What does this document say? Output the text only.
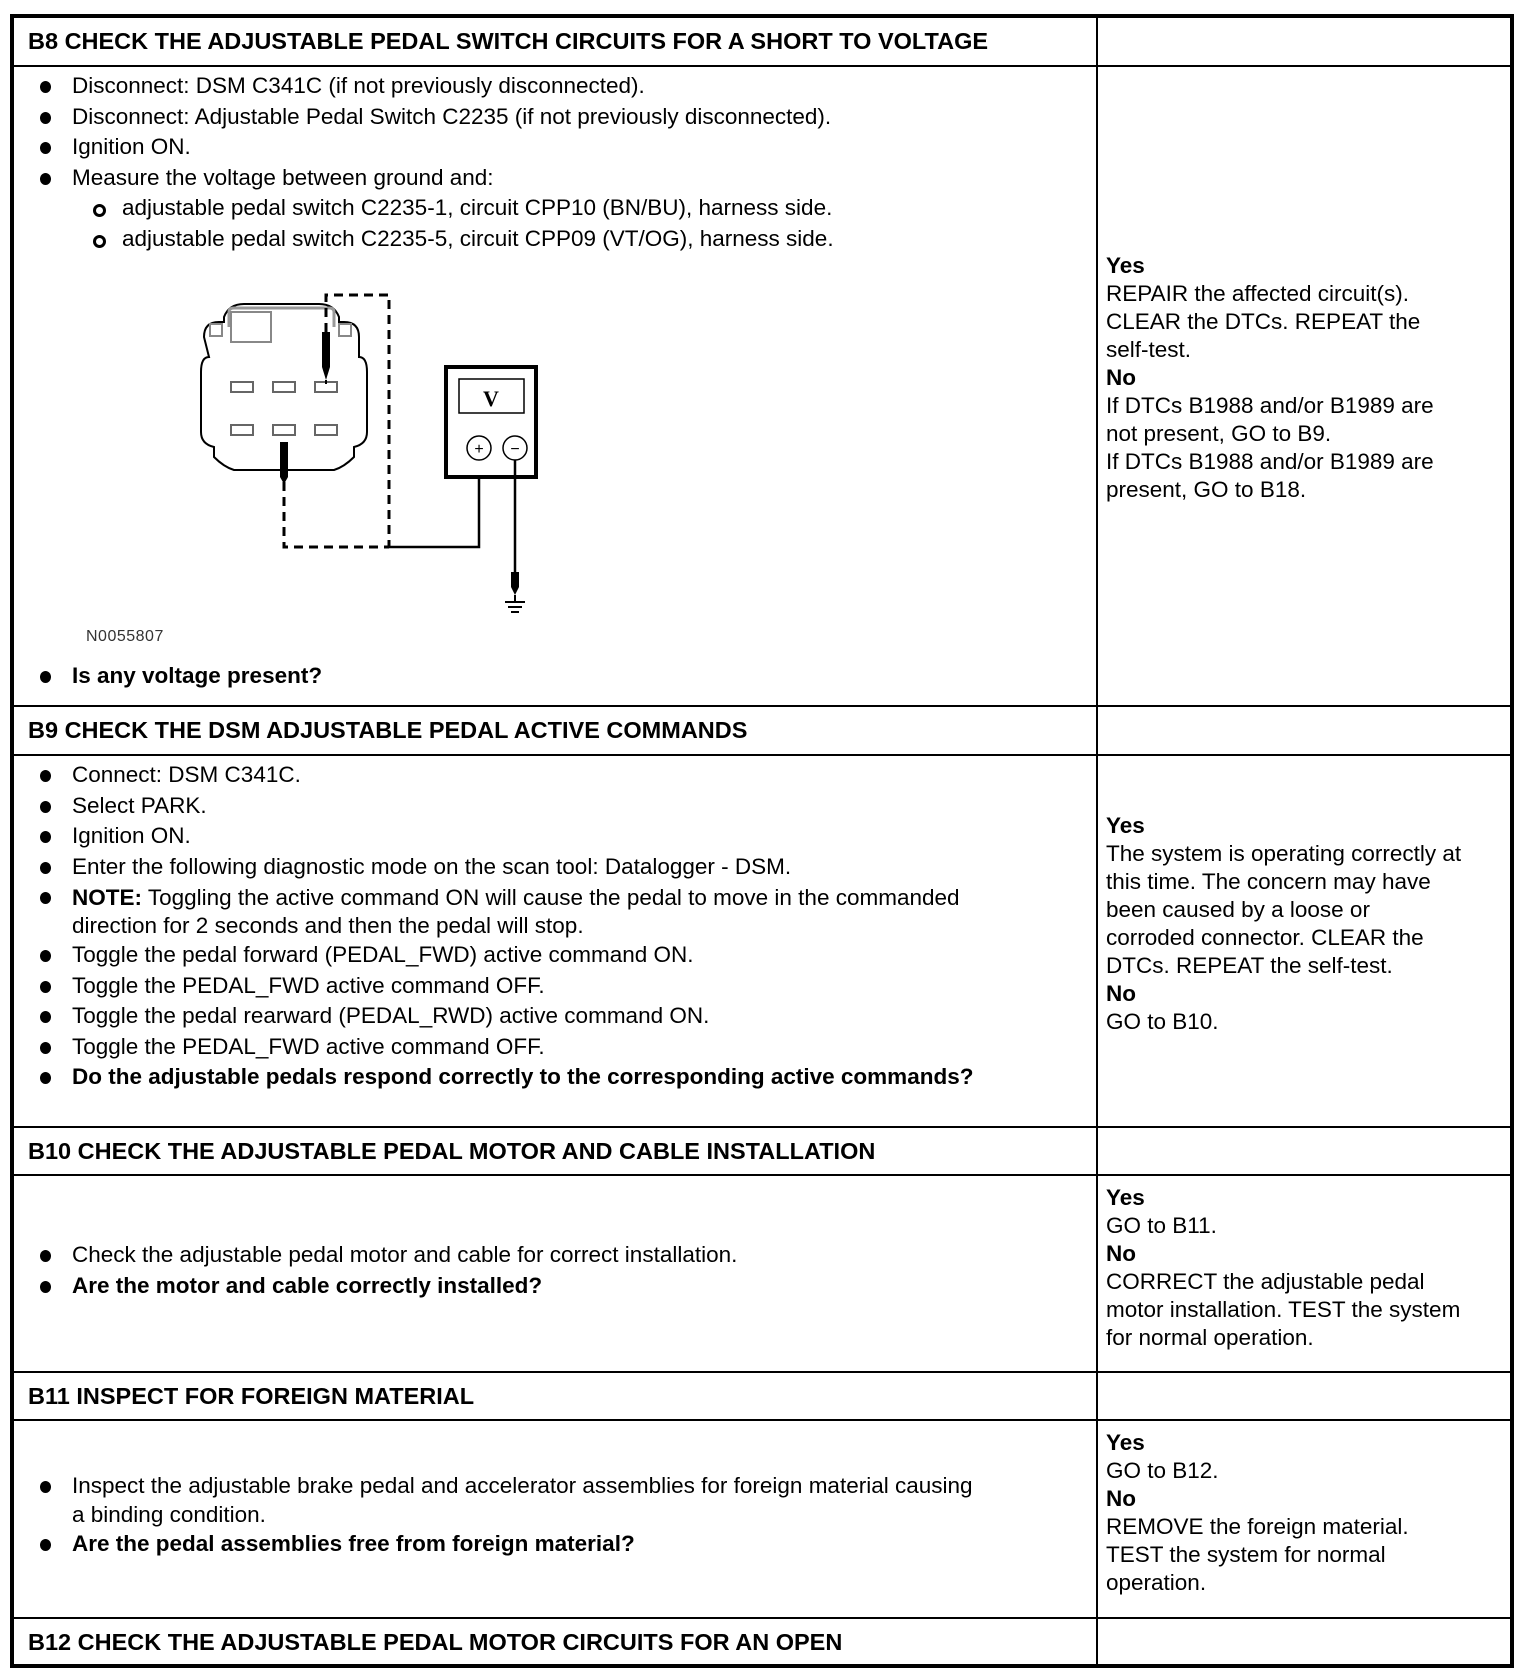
B8 CHECK THE ADJUSTABLE PEDAL SWITCH CIRCUITS FOR A SHORT TO VOLTAGE
Disconnect: DSM C341C (if not previously disconnected).
Disconnect: Adjustable Pedal Switch C2235 (if not previously disconnected).
Ignition ON.
Measure the voltage between ground and:
adjustable pedal switch C2235-1, circuit CPP10 (BN/BU), harness side.
adjustable pedal switch C2235-5, circuit CPP09 (VT/OG), harness side.
V
+ −
N0055807
Is any voltage present?
Yes
REPAIR the affected circuit(s).
CLEAR the DTCs. REPEAT the
self-test.
No
If DTCs B1988 and/or B1989 are
not present, GO to B9.
If DTCs B1988 and/or B1989 are
present, GO to B18.
B9 CHECK THE DSM ADJUSTABLE PEDAL ACTIVE COMMANDS
Connect: DSM C341C.
Select PARK.
Ignition ON.
Enter the following diagnostic mode on the scan tool: Datalogger - DSM.
NOTE: Toggling the active command ON will cause the pedal to move in the commanded
direction for 2 seconds and then the pedal will stop.
Toggle the pedal forward (PEDAL_FWD) active command ON.
Toggle the PEDAL_FWD active command OFF.
Toggle the pedal rearward (PEDAL_RWD) active command ON.
Toggle the PEDAL_FWD active command OFF.
Do the adjustable pedals respond correctly to the corresponding active commands?
Yes
The system is operating correctly at
this time. The concern may have
been caused by a loose or
corroded connector. CLEAR the
DTCs. REPEAT the self-test.
No
GO to B10.
B10 CHECK THE ADJUSTABLE PEDAL MOTOR AND CABLE INSTALLATION
Check the adjustable pedal motor and cable for correct installation.
Are the motor and cable correctly installed?
Yes
GO to B11.
No
CORRECT the adjustable pedal
motor installation. TEST the system
for normal operation.
B11 INSPECT FOR FOREIGN MATERIAL
Inspect the adjustable brake pedal and accelerator assemblies for foreign material causing
a binding condition.
Are the pedal assemblies free from foreign material?
Yes
GO to B12.
No
REMOVE the foreign material.
TEST the system for normal
operation.
B12 CHECK THE ADJUSTABLE PEDAL MOTOR CIRCUITS FOR AN OPEN
